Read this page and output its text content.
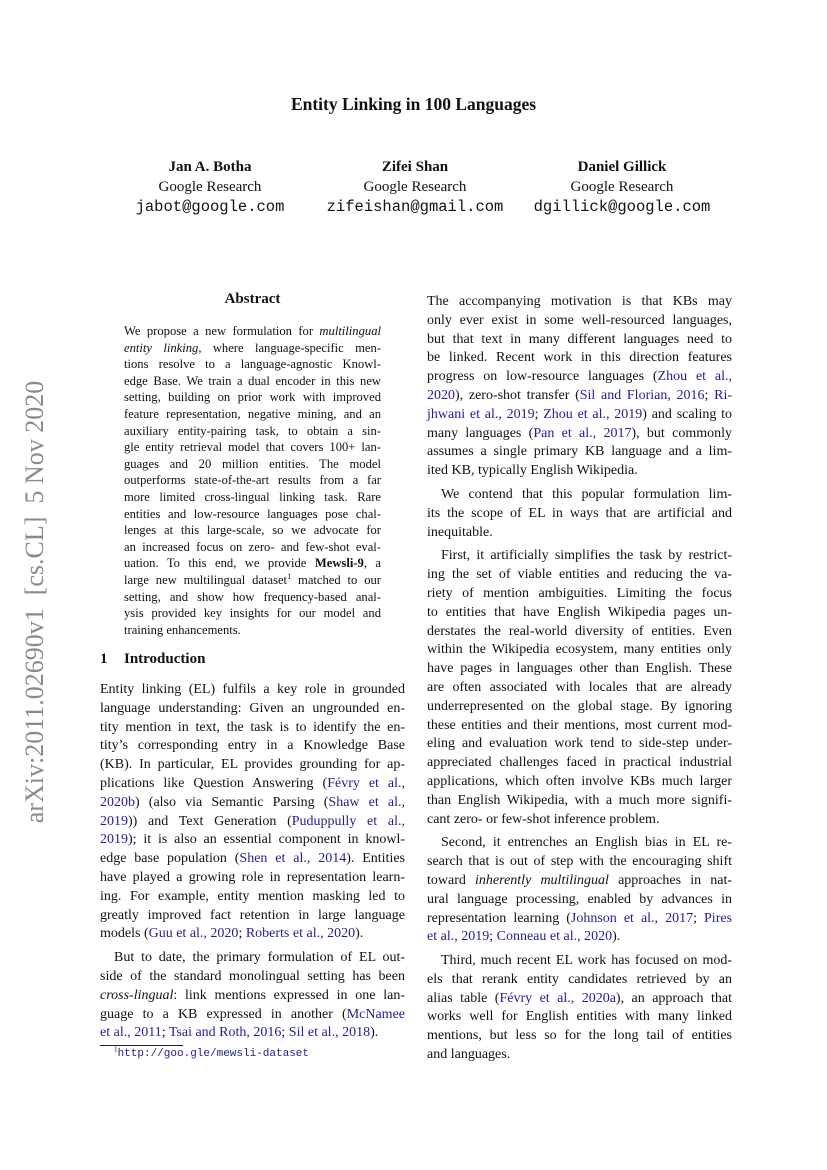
arXiv:2011.02690v1  [cs.CL]  5 Nov 2020
Entity Linking in 100 Languages
Jan A. Botha
Google Research
jabot@google.com
Zifei Shan
Google Research
zifeishan@gmail.com
Daniel Gillick
Google Research
dgillick@google.com
Abstract
We propose a new formulation for multilingual
entity linking, where language-specific men-
tions resolve to a language-agnostic Knowl-
edge Base. We train a dual encoder in this new
setting, building on prior work with improved
feature representation, negative mining, and an
auxiliary entity-pairing task, to obtain a sin-
gle entity retrieval model that covers 100+ lan-
guages and 20 million entities. The model
outperforms state-of-the-art results from a far
more limited cross-lingual linking task. Rare
entities and low-resource languages pose chal-
lenges at this large-scale, so we advocate for
an increased focus on zero- and few-shot eval-
uation. To this end, we provide Mewsli-9, a
large new multilingual dataset$^1$ matched to our
setting, and show how frequency-based anal-
ysis provided key insights for our model and
training enhancements.
1 Introduction
Entity linking (EL) fulfils a key role in grounded
language understanding: Given an ungrounded en-
tity mention in text, the task is to identify the en-
tity’s corresponding entry in a Knowledge Base
(KB). In particular, EL provides grounding for ap-
plications like Question Answering (Févry et al.,
2020b) (also via Semantic Parsing (Shaw et al.,
2019)) and Text Generation (Puduppully et al.,
2019); it is also an essential component in knowl-
edge base population (Shen et al., 2014). Entities
have played a growing role in representation learn-
ing. For example, entity mention masking led to
greatly improved fact retention in large language
models (Guu et al., 2020; Roberts et al., 2020).
But to date, the primary formulation of EL out-
side of the standard monolingual setting has been
cross-lingual: link mentions expressed in one lan-
guage to a KB expressed in another (McNamee
et al., 2011; Tsai and Roth, 2016; Sil et al., 2018).
The accompanying motivation is that KBs may
only ever exist in some well-resourced languages,
but that text in many different languages need to
be linked. Recent work in this direction features
progress on low-resource languages (Zhou et al.,
2020), zero-shot transfer (Sil and Florian, 2016; Ri-
jhwani et al., 2019; Zhou et al., 2019) and scaling to
many languages (Pan et al., 2017), but commonly
assumes a single primary KB language and a lim-
ited KB, typically English Wikipedia.
We contend that this popular formulation lim-
its the scope of EL in ways that are artificial and
inequitable.
First, it artificially simplifies the task by restrict-
ing the set of viable entities and reducing the va-
riety of mention ambiguities. Limiting the focus
to entities that have English Wikipedia pages un-
derstates the real-world diversity of entities. Even
within the Wikipedia ecosystem, many entities only
have pages in languages other than English. These
are often associated with locales that are already
underrepresented on the global stage. By ignoring
these entities and their mentions, most current mod-
eling and evaluation work tend to side-step under-
appreciated challenges faced in practical industrial
applications, which often involve KBs much larger
than English Wikipedia, with a much more signifi-
cant zero- or few-shot inference problem.
Second, it entrenches an English bias in EL re-
search that is out of step with the encouraging shift
toward inherently multilingual approaches in nat-
ural language processing, enabled by advances in
representation learning (Johnson et al., 2017; Pires
et al., 2019; Conneau et al., 2020).
Third, much recent EL work has focused on mod-
els that rerank entity candidates retrieved by an
alias table (Févry et al., 2020a), an approach that
works well for English entities with many linked
mentions, but less so for the long tail of entities
and languages.
$^1$http://goo.gle/mewsli-dataset
